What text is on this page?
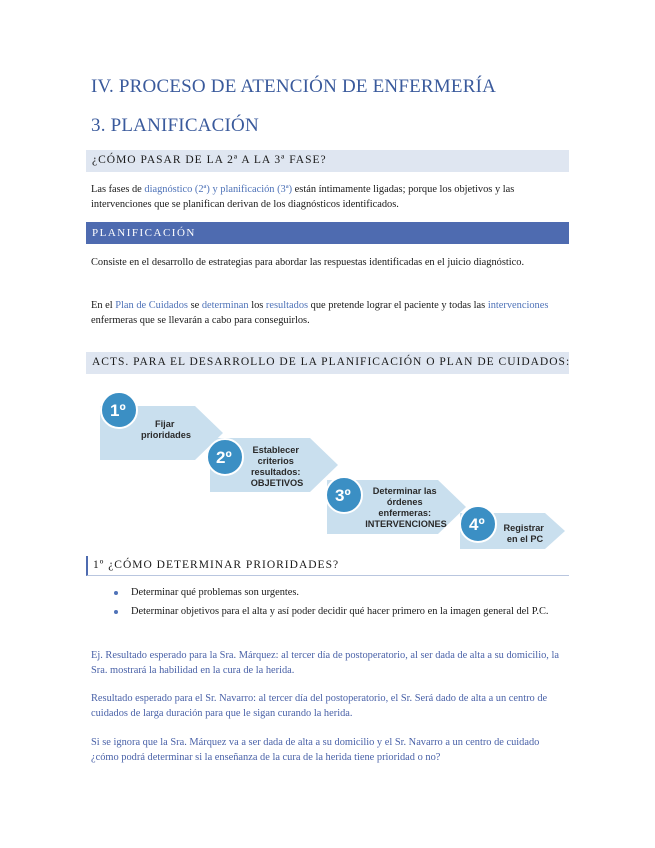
IV. PROCESO DE ATENCIÓN DE ENFERMERÍA
3. PLANIFICACIÓN
¿CÓMO PASAR DE LA 2ª A LA 3ª FASE?
Las fases de diagnóstico (2ª) y planificación (3ª) están íntimamente ligadas; porque los objetivos y las intervenciones que se planifican derivan de los diagnósticos identificados.
PLANIFICACIÓN
Consiste en el desarrollo de estrategias para abordar las respuestas identificadas en el juicio diagnóstico.
En el Plan de Cuidados se determinan los resultados que pretende lograr el paciente y todas las intervenciones enfermeras que se llevarán a cabo para conseguirlos.
ACTS. PARA EL DESARROLLO DE LA PLANIFICACIÓN O PLAN DE CUIDADOS:
1º
2º
3º
4º
Fijar prioridades
Establecer criterios resultados: OBJETIVOS
Determinar las órdenes enfermeras: INTERVENCIONES	Registrar en el PC
1º ¿CÓMO DETERMINAR PRIORIDADES?
Determinar qué problemas son urgentes.
Determinar objetivos para el alta y así poder decidir qué hacer primero en la imagen general del P.C.
Ej. Resultado esperado para la Sra. Márquez: al tercer día de postoperatorio, al ser dada de alta a su domicilio, la Sra. mostrará la habilidad en la cura de la herida.
Resultado esperado para el Sr. Navarro: al tercer día del postoperatorio, el Sr. Será dado de alta a un centro de cuidados de larga duración para que le sigan curando la herida.
Si se ignora que la Sra. Márquez va a ser dada de alta a su domicilio y el Sr. Navarro a un centro de cuidado ¿cómo podrá determinar si la enseñanza de la cura de la herida tiene prioridad o no?
